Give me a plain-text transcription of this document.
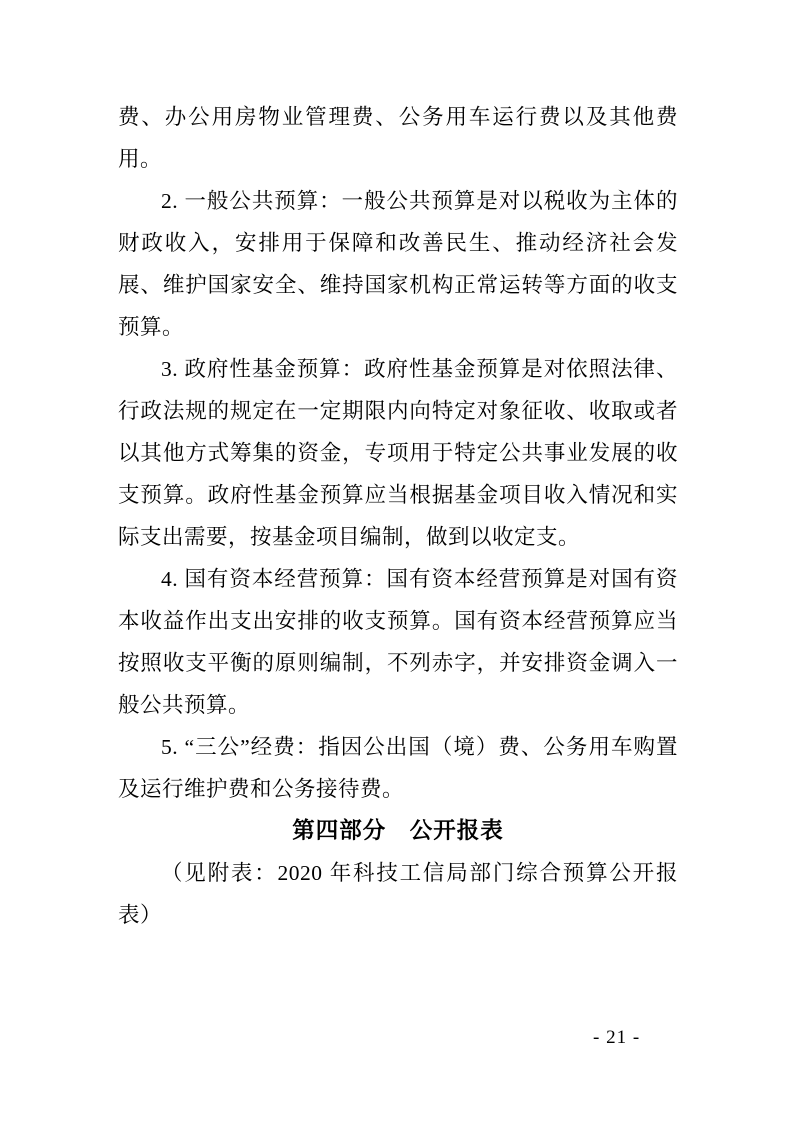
费、办公用房物业管理费、公务用车运行费以及其他费用。

2. 一般公共预算：一般公共预算是对以税收为主体的财政收入，安排用于保障和改善民生、推动经济社会发展、维护国家安全、维持国家机构正常运转等方面的收支预算。

3. 政府性基金预算：政府性基金预算是对依照法律、行政法规的规定在一定期限内向特定对象征收、收取或者以其他方式筹集的资金，专项用于特定公共事业发展的收支预算。政府性基金预算应当根据基金项目收入情况和实际支出需要，按基金项目编制，做到以收定支。

4. 国有资本经营预算：国有资本经营预算是对国有资本收益作出支出安排的收支预算。国有资本经营预算应当按照收支平衡的原则编制，不列赤字，并安排资金调入一般公共预算。

5. “三公”经费：指因公出国（境）费、公务用车购置及运行维护费和公务接待费。

第四部分　公开报表

（见附表：2020 年科技工信局部门综合预算公开报表）

- 21 -
